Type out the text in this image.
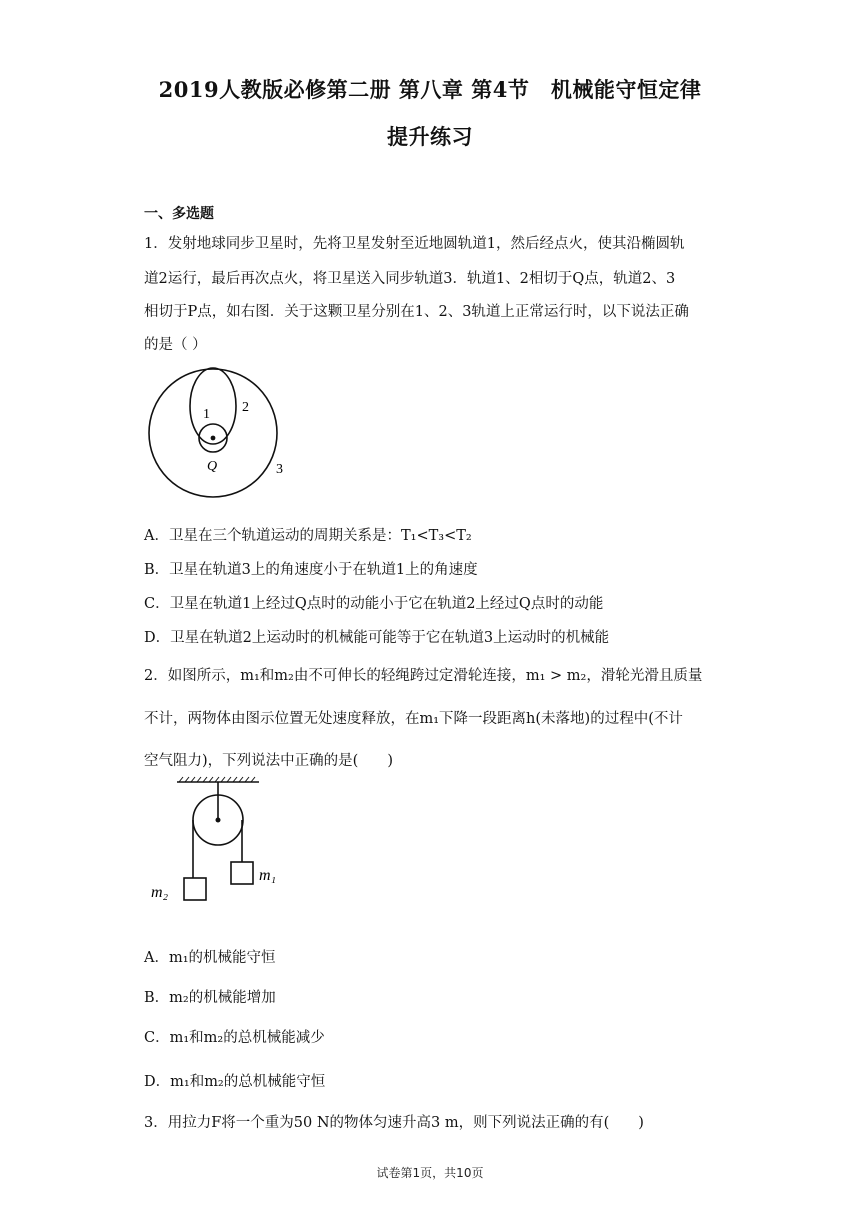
2019人教版必修第二册 第八章 第4节　机械能守恒定律
提升练习
一、多选题
1．发射地球同步卫星时，先将卫星发射至近地圆轨道1，然后经点火，使其沿椭圆轨
道2运行，最后再次点火，将卫星送入同步轨道3．轨道1、2相切于Q点，轨道2、3
相切于P点，如右图．关于这颗卫星分别在1、2、3轨道上正常运行时，以下说法正确
的是（ ）
1 2
3
Q
A．卫星在三个轨道运动的周期关系是：T₁<T₃<T₂
B．卫星在轨道3上的角速度小于在轨道1上的角速度
C．卫星在轨道1上经过Q点时的动能小于它在轨道2上经过Q点时的动能
D．卫星在轨道2上运动时的机械能可能等于它在轨道3上运动时的机械能
2．如图所示，m₁和m₂由不可伸长的轻绳跨过定滑轮连接，m₁ > m₂，滑轮光滑且质量
不计，两物体由图示位置无处速度释放，在m₁下降一段距离h(未落地)的过程中(不计
空气阻力)，下列说法中正确的是(　　)
m₁
m₂
A．m₁的机械能守恒
B．m₂的机械能增加
C．m₁和m₂的总机械能减少
D．m₁和m₂的总机械能守恒
3．用拉力F将一个重为50 N的物体匀速升高3 m，则下列说法正确的有(　　)
试卷第1页，共10页
